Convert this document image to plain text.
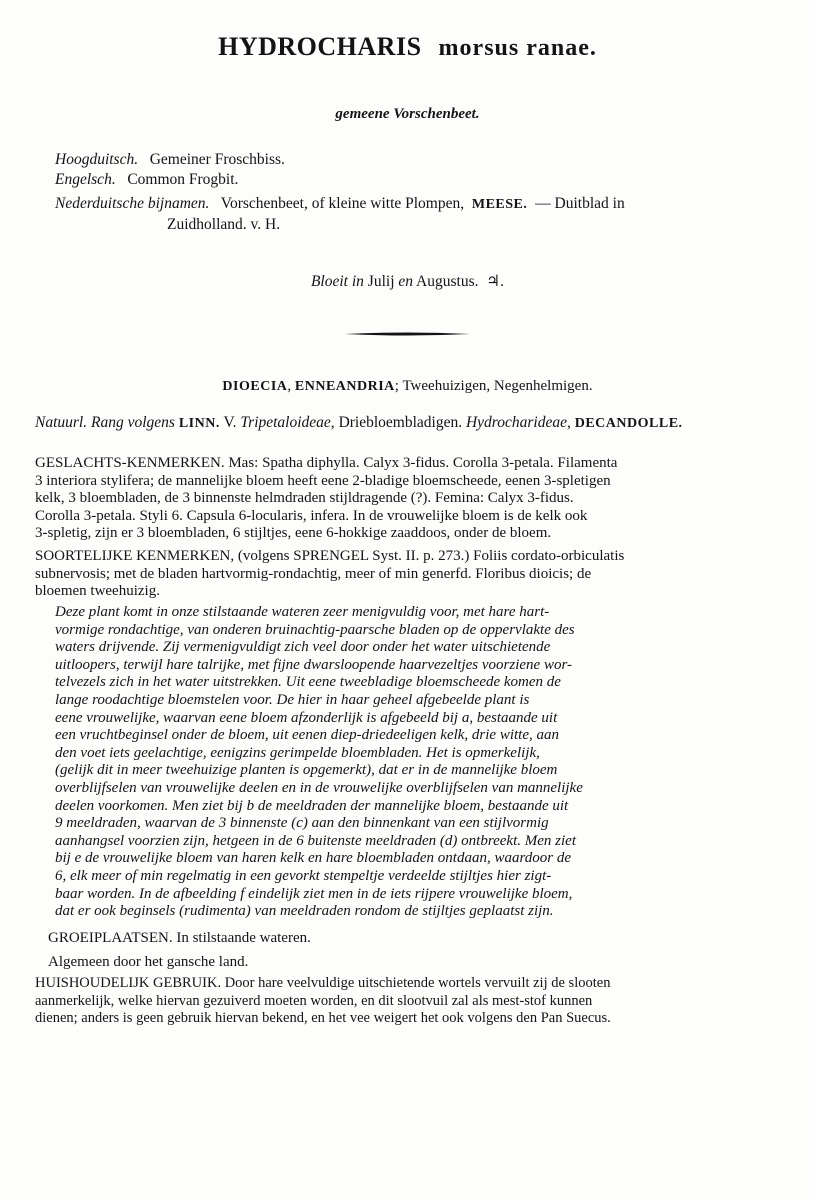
HYDROCHARIS morsus ranae.
gemeene Vorschenbeet.
Hoogduitsch. Gemeiner Froschbiss.
Engelsch. Common Frogbit.
Nederduitsche bijnamen. Vorschenbeet, of kleine witte Plompen, MEESE. — Duitblad in
Zuidholland. v. H.
Bloeit in Julij en Augustus. ♃.
DIOECIA, ENNEANDRIA; Tweehuizigen, Negenhelmigen.
Natuurl. Rang volgens LINN. V. Tripetaloideae, Driebloembladigen. Hydrocharideae, DECANDOLLE.
GESLACHTS-KENMERKEN. Mas: Spatha diphylla. Calyx 3-fidus. Corolla 3-petala. Filamenta
3 interiora stylifera; de mannelijke bloem heeft eene 2-bladige bloemscheede, eenen 3-spletigen
kelk, 3 bloembladen, de 3 binnenste helmdraden stijldragende (?). Femina: Calyx 3-fidus.
Corolla 3-petala. Styli 6. Capsula 6-locularis, infera. In de vrouwelijke bloem is de kelk ook
3-spletig, zijn er 3 bloembladen, 6 stijltjes, eene 6-hokkige zaaddoos, onder de bloem.
SOORTELIJKE KENMERKEN, (volgens SPRENGEL Syst. II. p. 273.) Foliis cordato-orbiculatis
subnervosis; met de bladen hartvormig-rondachtig, meer of min generfd. Floribus dioicis; de
bloemen tweehuizig.
Deze plant komt in onze stilstaande wateren zeer menigvuldig voor, met hare hart-
vormige rondachtige, van onderen bruinachtig-paarsche bladen op de oppervlakte des
waters drijvende. Zij vermenigvuldigt zich veel door onder het water uitschietende
uitloopers, terwijl hare talrijke, met fijne dwarsloopende haarvezeltjes voorziene wor-
telvezels zich in het water uitstrekken. Uit eene tweebladige bloemscheede komen de
lange roodachtige bloemstelen voor. De hier in haar geheel afgebeelde plant is
eene vrouwelijke, waarvan eene bloem afzonderlijk is afgebeeld bij a, bestaande uit
een vruchtbeginsel onder de bloem, uit eenen diep-driedeeligen kelk, drie witte, aan
den voet iets geelachtige, eenigzins gerimpelde bloembladen. Het is opmerkelijk,
(gelijk dit in meer tweehuizige planten is opgemerkt), dat er in de mannelijke bloem
overblijfselen van vrouwelijke deelen en in de vrouwelijke overblijfselen van mannelijke
deelen voorkomen. Men ziet bij b de meeldraden der mannelijke bloem, bestaande uit
9 meeldraden, waarvan de 3 binnenste (c) aan den binnenkant van een stijlvormig
aanhangsel voorzien zijn, hetgeen in de 6 buitenste meeldraden (d) ontbreekt. Men ziet
bij e de vrouwelijke bloem van haren kelk en hare bloembladen ontdaan, waardoor de
6, elk meer of min regelmatig in een gevorkt stempeltje verdeelde stijltjes hier zigt-
baar worden. In de afbeelding f eindelijk ziet men in de iets rijpere vrouwelijke bloem,
dat er ook beginsels (rudimenta) van meeldraden rondom de stijltjes geplaatst zijn.
GROEIPLAATSEN. In stilstaande wateren.
Algemeen door het gansche land.
HUISHOUDELIJK GEBRUIK. Door hare veelvuldige uitschietende wortels vervuilt zij de slooten
aanmerkelijk, welke hiervan gezuiverd moeten worden, en dit slootvuil zal als mest-stof kunnen
dienen; anders is geen gebruik hiervan bekend, en het vee weigert het ook volgens den Pan Suecus.
